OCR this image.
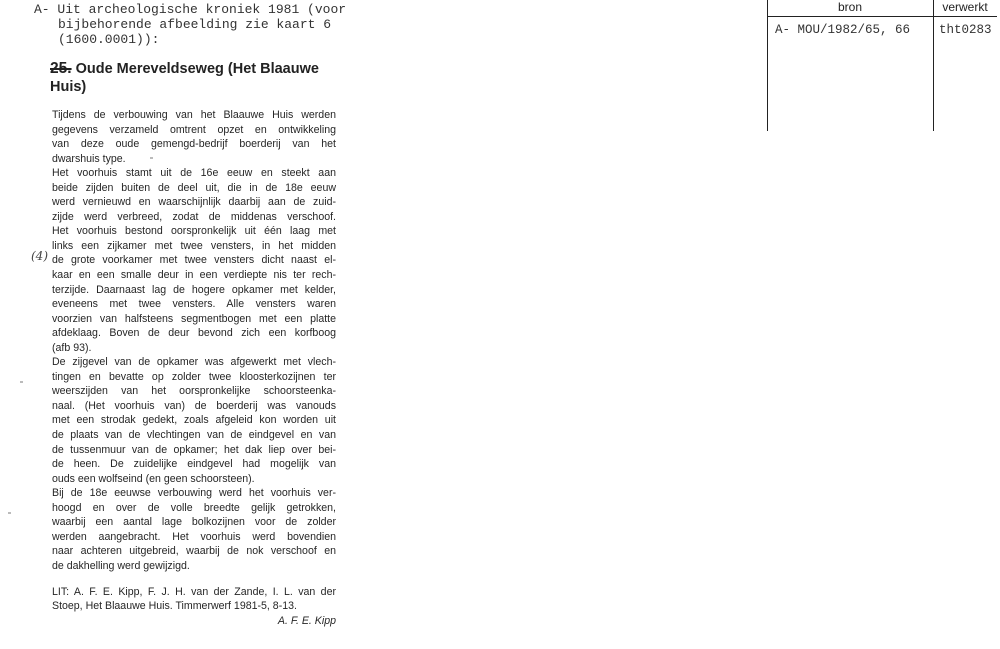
A- Uit archeologische kroniek 1981 (voor
bijbehorende afbeelding zie kaart 6
(1600.0001)):
25. Oude Mereveldseweg (Het Blaauwe Huis)
(4)
Tijdens de verbouwing van het Blaauwe Huis werden
gegevens verzameld omtrent opzet en ontwikkeling
van deze oude gemengd-bedrijf boerderij van het
dwarshuis type.
Het voorhuis stamt uit de 16e eeuw en steekt aan
beide zijden buiten de deel uit, die in de 18e eeuw
werd vernieuwd en waarschijnlijk daarbij aan de zuid-
zijde werd verbreed, zodat de middenas verschoof.
Het voorhuis bestond oorspronkelijk uit één laag met
links een zijkamer met twee vensters, in het midden
de grote voorkamer met twee vensters dicht naast el-
kaar en een smalle deur in een verdiepte nis ter rech-
terzijde. Daarnaast lag de hogere opkamer met kelder,
eveneens met twee vensters. Alle vensters waren
voorzien van halfsteens segmentbogen met een platte
afdeklaag. Boven de deur bevond zich een korfboog
(afb 93).
De zijgevel van de opkamer was afgewerkt met vlech-
tingen en bevatte op zolder twee kloosterkozijnen ter
weerszijden van het oorspronkelijke schoorsteenka-
naal. (Het voorhuis van) de boerderij was vanouds
met een strodak gedekt, zoals afgeleid kon worden uit
de plaats van de vlechtingen van de eindgevel en van
de tussenmuur van de opkamer; het dak liep over bei-
de heen. De zuidelijke eindgevel had mogelijk van
ouds een wolfseind (en geen schoorsteen).
Bij de 18e eeuwse verbouwing werd het voorhuis ver-
hoogd en over de volle breedte gelijk getrokken,
waarbij een aantal lage bolkozijnen voor de zolder
werden aangebracht. Het voorhuis werd bovendien
naar achteren uitgebreid, waarbij de nok verschoof en
de dakhelling werd gewijzigd.
LIT: A. F. E. Kipp, F. J. H. van der Zande, I. L. van der
Stoep, Het Blaauwe Huis. Timmerwerf 1981-5, 8-13.
A. F. E. Kipp
bron	verwerkt
A- MOU/1982/65, 66 tht0283
